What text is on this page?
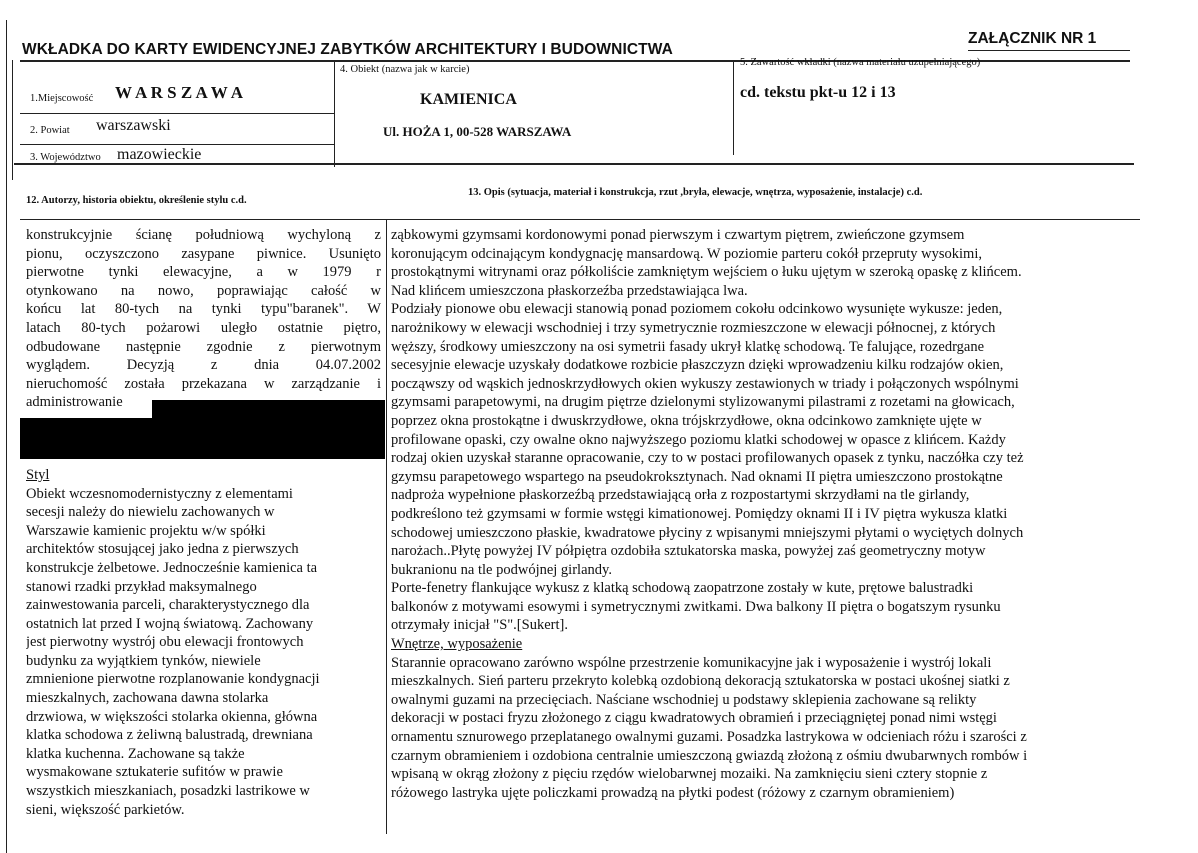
WKŁADKA DO KARTY EWIDENCYJNEJ ZABYTKÓW ARCHITEKTURY I BUDOWNICTWA
ZAŁĄCZNIK NR 1
1.Miejscowość W A R S Z A W A
2. Powiat warszawski
3. Województwo mazowieckie
4. Obiekt (nazwa jak w karcie)
KAMIENICA
Ul. HOŻA 1, 00-528 WARSZAWA
5. Zawartość wkładki (nazwa materiału uzupełniającego)
cd. tekstu pkt-u 12 i 13
12. Autorzy, historia obiektu, określenie stylu c.d.
13. Opis (sytuacja, materiał i konstrukcja, rzut ,bryła, elewacje, wnętrza, wyposażenie, instalacje) c.d.
konstrukcyjnie ścianę południową wychyloną z
pionu, oczyszczono zasypane piwnice. Usunięto
pierwotne tynki elewacyjne, a w 1979 r
otynkowano na nowo, poprawiając całość w
końcu lat 80-tych na tynki typu"baranek". W
latach 80-tych pożarowi uległo ostatnie piętro,
odbudowane następnie zgodnie z pierwotnym
wyglądem. Decyzją z dnia 04.07.2002
nieruchomość została przekazana w zarządzanie i
administrowanie
Styl
Obiekt wczesnomodernistyczny z elementami
secesji należy do niewielu zachowanych w
Warszawie kamienic projektu w/w spółki
architektów stosującej jako jedna z pierwszych
konstrukcje żelbetowe. Jednocześnie kamienica ta
stanowi rzadki przykład maksymalnego
zainwestowania parceli, charakterystycznego dla
ostatnich lat przed I wojną światową. Zachowany
jest pierwotny wystrój obu elewacji frontowych
budynku za wyjątkiem tynków, niewiele
zmnienione pierwotne rozplanowanie kondygnacji
mieszkalnych, zachowana dawna stolarka
drzwiowa, w większości stolarka okienna, główna
klatka schodowa z żeliwną balustradą, drewniana
klatka kuchenna. Zachowane są także
wysmakowane sztukaterie sufitów w prawie
wszystkich mieszkaniach, posadzki lastrikowe w
sieni, większość parkietów.
ząbkowymi gzymsami kordonowymi ponad pierwszym i czwartym piętrem, zwieńczone gzymsem
koronującym odcinającym kondygnację mansardową. W poziomie parteru cokół przepruty wysokimi,
prostokątnymi witrynami oraz półkoliście zamkniętym wejściem o łuku ujętym w szeroką opaskę z klińcem.
Nad klińcem umieszczona płaskorzeźba przedstawiająca lwa.
Podziały pionowe obu elewacji stanowią ponad poziomem cokołu odcinkowo wysunięte wykusze: jeden,
narożnikowy w elewacji wschodniej i trzy symetrycznie rozmieszczone w elewacji północnej, z których
węższy, środkowy umieszczony na osi symetrii fasady ukrył klatkę schodową. Te falujące, rozedrgane
secesyjnie elewacje uzyskały dodatkowe rozbicie płaszczyzn dzięki wprowadzeniu kilku rodzajów okien,
począwszy od wąskich jednoskrzydłowych okien wykuszy zestawionych w triady i połączonych wspólnymi
gzymsami parapetowymi, na drugim piętrze dzielonymi stylizowanymi pilastrami z rozetami na głowicach,
poprzez okna prostokątne i dwuskrzydłowe, okna trójskrzydłowe, okna odcinkowo zamknięte ujęte w
profilowane opaski, czy owalne okno najwyższego poziomu klatki schodowej w opasce z klińcem. Każdy
rodzaj okien uzyskał staranne opracowanie, czy to w postaci profilowanych opasek z tynku, naczółka czy też
gzymsu parapetowego wspartego na pseudokroksztynach. Nad oknami II piętra umieszczono prostokątne
nadproża wypełnione płaskorzeźbą przedstawiającą orła z rozpostartymi skrzydłami na tle girlandy,
podkreślono też gzymsami w formie wstęgi kimationowej. Pomiędzy oknami II i IV piętra wykusza klatki
schodowej umieszczono płaskie, kwadratowe płyciny z wpisanymi mniejszymi płytami o wyciętych dolnych
narożach..Płytę powyżej IV półpiętra ozdobiła sztukatorska maska, powyżej zaś geometryczny motyw
bukranionu na tle podwójnej girlandy.
Porte-fenetry flankujące wykusz z klatką schodową zaopatrzone zostały w kute, prętowe balustradki
balkonów z motywami esowymi i symetrycznymi zwitkami. Dwa balkony II piętra o bogatszym rysunku
otrzymały inicjał "S".[Sukert].
Wnętrze, wyposażenie
Starannie opracowano zarówno wspólne przestrzenie komunikacyjne jak i wyposażenie i wystrój lokali
mieszkalnych. Sień parteru przekryto kolebką ozdobioną dekoracją sztukatorska w postaci ukośnej siatki z
owalnymi guzami na przecięciach. Naściane wschodniej u podstawy sklepienia zachowane są relikty
dekoracji w postaci fryzu złożonego z ciągu kwadratowych obramień i przeciągniętej ponad nimi wstęgi
ornamentu sznurowego przeplatanego owalnymi guzami. Posadzka lastrykowa w odcieniach różu i szarości z
czarnym obramieniem i ozdobiona centralnie umieszczoną gwiazdą złożoną z ośmiu dwubarwnych rombów i
wpisaną w okrąg złożony z pięciu rzędów wielobarwnej mozaiki. Na zamknięciu sieni cztery stopnie z
różowego lastryka ujęte policzkami prowadzą na płytki podest (różowy z czarnym obramieniem)
